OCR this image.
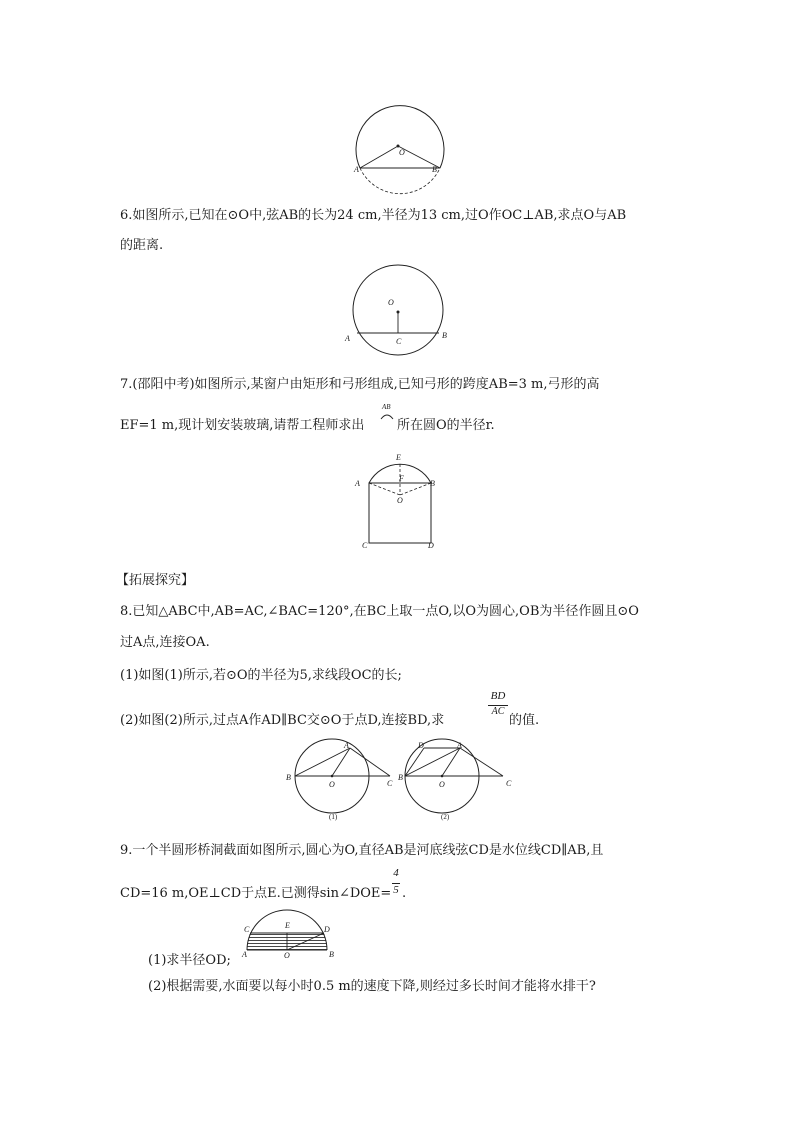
O
A	B
6.如图所示,已知在⊙O中,弦AB的长为24 cm,半径为13 cm,过O作OC⊥AB,求点O与AB
的距离.
O
A	B
C
7.(邵阳中考)如图所示,某窗户由矩形和弓形组成,已知弓形的跨度AB=3 m,弓形的高
EF=1 m,现计划安装玻璃,请帮工程师求出
AB
所在圆O的半径r.
E
F
O
A	B
C	D
【拓展探究】
8.已知△ABC中,AB=AC,∠BAC=120°,在BC上取一点O,以O为圆心,OB为半径作圆且⊙O
过A点,连接OA.
(1)如图(1)所示,若⊙O的半径为5,求线段OC的长;
(2)如图(2)所示,过点A作AD∥BC交⊙O于点D,连接BD,求
BD
AC
的值.
A
B
O	C
(1)
D	A
B
O	C
(2)
9.一个半圆形桥洞截面如图所示,圆心为O,直径AB是河底线弦CD是水位线CD∥AB,且
CD=16 m,OE⊥CD于点E.已测得sin∠DOE=
4
5 .
C	E	D
A	O	B
(1)求半径OD;
(2)根据需要,水面要以每小时0.5 m的速度下降,则经过多长时间才能将水排干?
